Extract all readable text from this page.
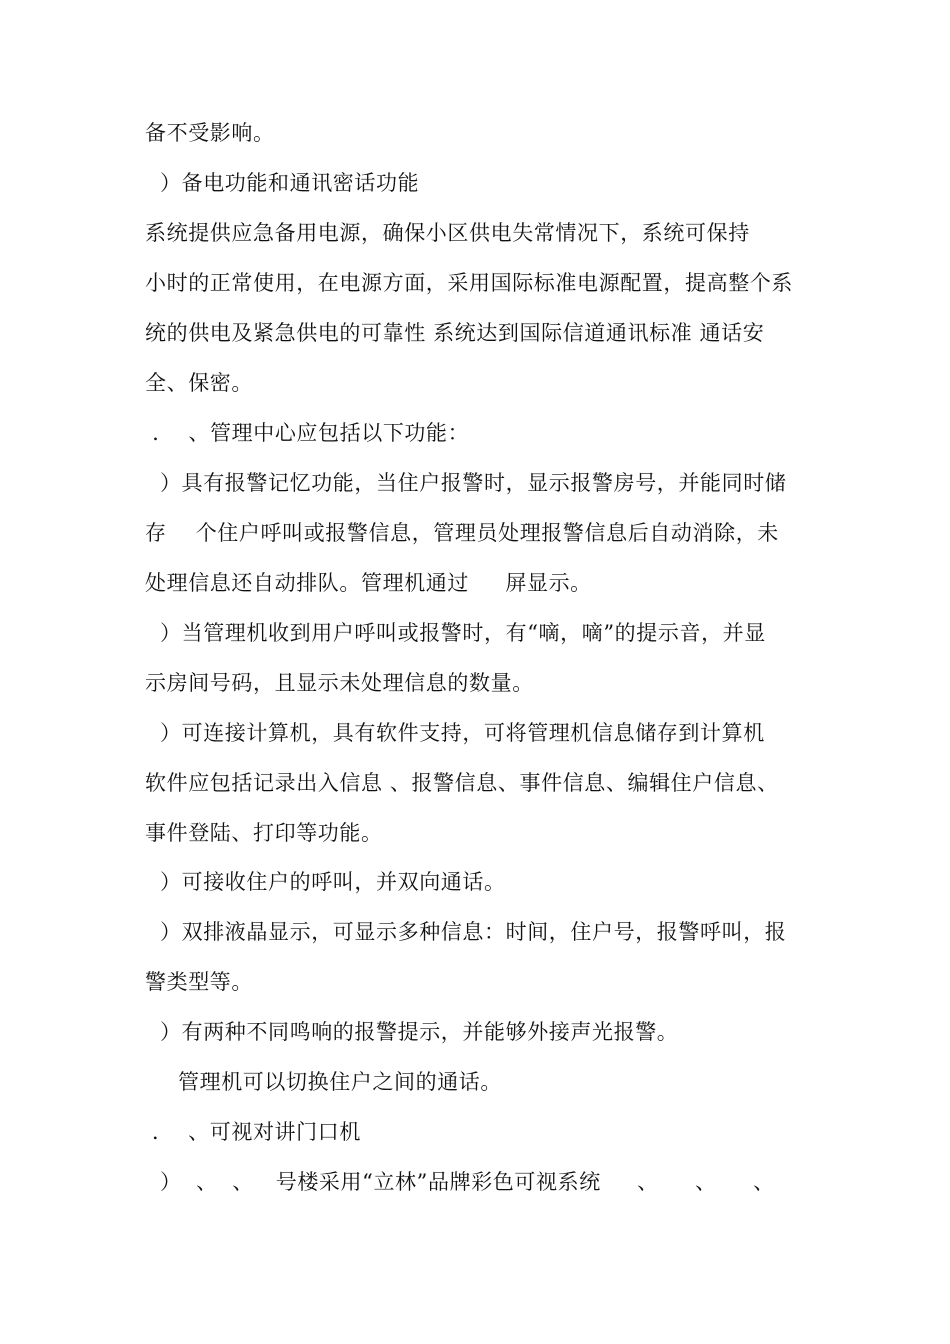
备不受影响。

）备电功能和通讯密话功能

系统提供应急备用电源，确保小区供电失常情况下，系统可保持

小时的正常使用，在电源方面，采用国际标准电源配置，提高整个系

统的供电及紧急供电的可靠性 系统达到国际信道通讯标准 通话安

全、保密。

．  、管理中心应包括以下功能：

）具有报警记忆功能，当住户报警时，显示报警房号，并能同时储

存    个住户呼叫或报警信息，管理员处理报警信息后自动消除，未

处理信息还自动排队。管理机通过     屏显示。

）当管理机收到用户呼叫或报警时，有“嘀，嘀”的提示音，并显

示房间号码，且显示未处理信息的数量。

）可连接计算机，具有软件支持，可将管理机信息储存到计算机

软件应包括记录出入信息 、报警信息、事件信息、编辑住户信息、

事件登陆、打印等功能。

）可接收住户的呼叫，并双向通话。

）双排液晶显示，可显示多种信息：时间，住户号，报警呼叫，报

警类型等。

）有两种不同鸣响的报警提示，并能够外接声光报警。

管理机可以切换住户之间的通话。

．  、可视对讲门口机

）  、  、   号楼采用“立林”品牌彩色可视系统     、     、     、
